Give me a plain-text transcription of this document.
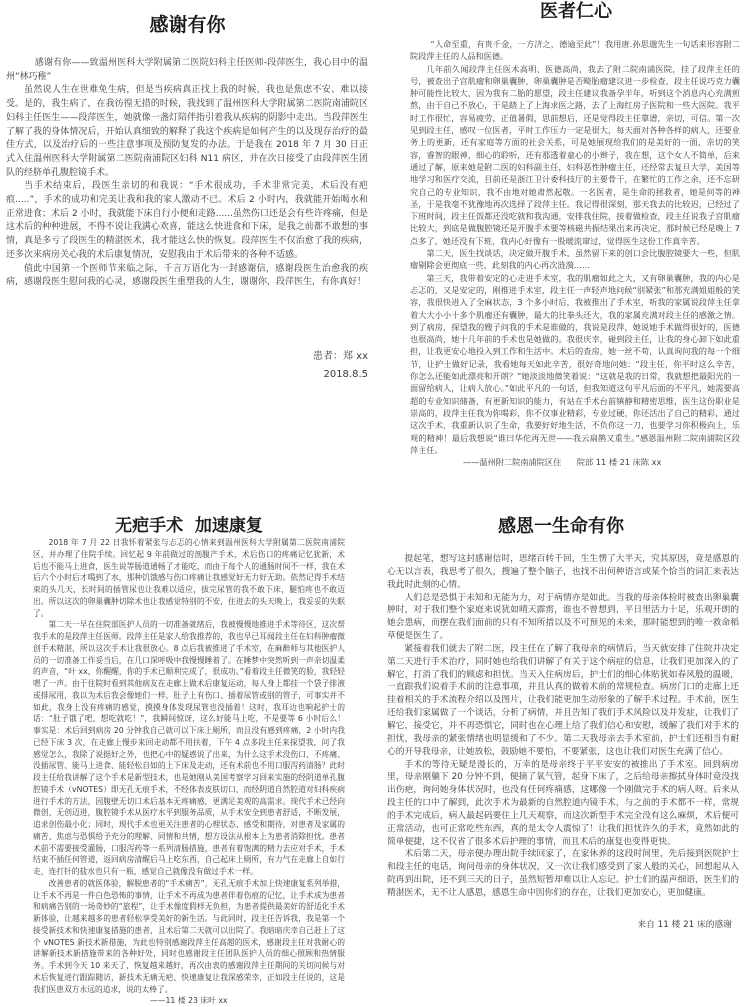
感谢有你

感谢有你——致温州医科大学附属第二医院妇科主任医师-段萍医生，我心目中的温州“林巧稚”

虽然说人生在世难免生病，但是当疾病真正找上我的时候，我也是焦虑不安、难以接受。是的，我生病了，在我彷徨无措的时候，我找到了温州医科大学附属第二医院南浦院区妇科主任医生——段萍医生，她就像一盏灯陪伴指引着我从疾病的阴影中走出。当段萍医生了解了我的身体情况后，开始认真细致的解释了我这个疾病是如何产生的以及现存治疗的最佳方式，以及治疗后的一些注意事项及预防复发的办法。于是我在 2018 年 7 月 30 日正式入住温州医科大学附属第二医院南浦院区妇科 N11 病区，并在次日接受了由段萍医生团队的经脐单孔腹腔镜手术。

当手术结束后，段医生亲切的和我说：“手术很成功，手术非常完美，术后没有疤痕.....”，手术的成功和完美让我和我的家人激动不已。术后 2 小时内，我就能开始喝水和正常进食；术后 2 小时，我就能下床自行小便和走路......虽然伤口还是会有些许疼痛，但是这术后的种种进展，不得不说让我满心欢喜，能这么快进食和下床，是我之前都不敢想的事情，真是多亏了段医生的精湛医术，我才能这么快的恢复。段萍医生不仅治愈了我的疾病，还多次来病房关心我的术后康复情况，安慰我由于术后带来的各种不适感。

值此中国第一个医师节来临之际，千言万语化为一封感谢信，感谢段医生治愈我的疾病，感谢段医生慰问我的心灵，感谢段医生重塑我的人生，谢谢你，段萍医生，有你真好！

患者：郑 xx
2018.8.5
医者仁心

“人命至重，有贵千金，一方济之，德逾至此”！我用唐.孙思邈先生一句话来形容附二院段萍主任的人品和医德。

几年前久闻段萍主任医术高明、医德高尚，我去了附二院南浦医院，挂了段萍主任的号，被查出子宫肌瘤和卵巢囊肿，卵巢囊肿是否畸胎瘤建议进一步检查，段主任说巧克力囊肿可能性比较大，因为我有二胎的愿望，段主任建议我备孕半年，听到这个消息内心充满煎熬，由于自己不放心，于是踏上了上海求医之路，去了上海红房子医院和一些大医院。我平时工作很忙，容易疲劳，正值暑假，思前想后，还是觉得段主任靠谱，亲切，可信。第一次见到段主任，感叹一位医者，平时工作压力一定是很大，每天面对各种各样的病人，还要业务上的更新，还有家庭等方面的社会关系，可是她展现给我们的是美好的一面，亲切的笑容，睿智的眼神，细心的聆听，还有那透着童心的小辫子，我在想，这个女人不简单，后来通过了解，原来她是附二医的妇科副主任，妇科恶性肿瘤主任，还经常去复旦大学，美国等地学习和医疗交流，目前还是浙江卫计委科技厅的主要骨干，在繁忙的工作之余，还不忘研究自己的专业知识，我不由地对她肃然起敬。一名医者，是生命的拯救者，她是何等的神圣，于是我毫不犹豫地再次选择了段萍主任。我记得很深刻，那天我去的比较迟，已经过了下班时间，段主任饭都还没吃就和我沟通，安排我住院，接着做检查，段主任说我子宫肌瘤比较大，到底是做腹腔镜还是开腹手术要等核磁共振结果出来再决定，那时候已经是晚上 7 点多了，她还没有下班，我内心好像有一股暖流窜过，觉得医生这份工作真辛苦。

第二天，医生找谈话，决定做开腹手术，虽然留下来的创口会比腹腔镜要大一些，但肌瘤剔除会更彻底一些，此刻我的内心再次涟漪……

第三天，我带着安定的心走进手术室，我的肌瘤如此之大，又有卵巢囊肿，我的内心是忐忑的，又是安定的，刚推进手术室，段主任一声轻声地问候“别紧张”和那充满姐姐般的笑容，我很快进入了全麻状态，3 个多小时后，我被推出了手术室，听我的家属说段萍主任拿着大大小小十多个肌瘤还有囊肿，最大的比拳头还大，我的家属充满对段主任的感激之情。到了病房，探望我的嫂子问我的手术是谁做的，我说是段萍，她说她手术做得很好的，医德也很高尚，她十几年前的手术也是她做的。我很庆幸，碰到段主任，让我的身心卸下如此重担，让我更安心地投入到工作和生活中。术后的查房，她一丝不苟，认真询问我的每一个细节，让护士做好记录，我看她每天如此辛苦，很好奇地问她：“段主任，你平时这么辛苦，你怎么还能如此漂亮和开朗？”她淡淡地微笑着说：“这就是我的日常，我就想把最阳光的一面留给病人，让病人放心。”如此平凡的一句话，但我知道这句平凡后面的不平凡，她需要高超的专业知识储备，有更新知识的能力，有站在手术台前镇静和精密思维，医生这份职业是崇高的，段萍主任我为你喝彩，你不仅事业精彩，专业过硬，你还活出了自己的精彩，通过这次手术，我重新认识了生命，我要好好地生活，不负你这一刀，也要学习你积极向上，乐观的精神！最后我想说“谁曰华佗再无世——我云扁鹊又重生。”感恩温州附二院南浦院区段萍主任。

——温州附二院南浦院区住      院部 11 楼 21 床陈 xx

无疤手术  加速康复

2018 年 7 月 22 日我怀着紧张与忐忑的心情来到温州医科大学附属第二医院南浦院区，并办理了住院手续。回忆起 9 年前做过的剖腹产手术，术后伤口的疼痛记忆犹新，术后也不能马上进食，医生说等肠道通畅了才能吃，而由于每个人的通肠时间不一样，我在术后六个小时后才喝到了水，那种饥饿感与伤口疼痛让我感觉好无力好无助。依然记得手术结束的头几天，长时间的插管尿也让我难以适应，拔完尿管的我不敢下床，腿怕疼也不敢迈出。所以这次的卵巢囊肿切除术也让我感觉特别的不安，住进去的头天晚上，我妥妥的失眠了。

第二天一早在住院部医护人员的一切准备就绪后，我被慢慢地推进手术等待区，这次帮我手术的是段萍主任医师。段萍主任是家人给我推荐的，我也早已耳闻段主任在妇科肿瘤微创手术精湛，所以这次手术让我很放心。8 点后我被推进了手术室，在麻醉师与其他医护人员的一切准备工作妥当后，在几口深呼吸中我慢慢睡着了。在睡梦中突然听到一声亲切温柔的声音，“叶 xx，你醒醒，你的手术已顺利完成了，很成功。”看着段主任微笑的脸，我轻轻嗯了一声。由于住院时看到其他病友在走廊上做术后康复运动，每人身上都挂一个袋子排液或排尿用，我以为术后我会像她们一样，肚子上有伤口、插着尿管或别的管子，可事实并不如此，我身上没有疼痛的感觉，摸摸身体发现尿管也没插着！这时，我耳边也响起护士的话：“肚子饿了吧，想吃就吃！”，我瞬间惊讶，这么好能马上吃，不是要等 6 小时后么！事实是：术后回到病房 20 分钟我自己就可以下床上厕所，而且没有感到疼痛，2 小时内我已经下床 3 次，在走廊上慢步来回走动都不用扶着，下午 4 点多段主任来探望我，问了我感觉怎么，我除了说挺好之外，也把心中的疑惑说了出来，为什么这手术没伤口、不疼痛、没插尿管、能马上进食、能轻松自如的上下床及走动，还有术前也不用口服泻药清肠？此时段主任给我讲解了这个手术是新型技术，也是她刚从美国考察学习回来实施的经阴道单孔腹腔镜手术（vNOTES）即无孔无痕手术，不经体表皮肤切口，而经阴道自然腔道对妇科疾病进行手术的方法，因腹壁无切口术后基本无疼痛感，更满足美观的高需求。现代手术已经向微创、无创迈进，腹腔镜手术从医疗水平到服务品质，从手术安全到患者舒适，不断发展，追求创伤最小化；同时，现代手术也更关注患者的心理状态、感受和期待，对患者及家属的痛苦、焦虑与恐惧给予充分的理解、同情和共情，想方设法从根本上为患者消除担忧。患者术前不需要接受灌肠，口服泻药等一系列清肠措施，患者有着饱满的精力去应对手术，手术结束不插任何管道，返回病房清醒后马上吃东西，自己起床上厕所，有力气在走廊上自如行走，连打针的盐水也只有一瓶，感觉自己就像没有做过手术一样。

改善患者的就医体验，解脱患者的“手术痛苦”，无孔无痕手术加上快速康复系列举措，让手术不再是一件白色恐怖的事情，让手术不再成为患者伴着伤痕的记忆，让手术成为患者和病痛告别的一场奇妙的“旅程”，让手术像度假样无负担，为患者提供最美好的舒适化手术新体验，让越来越多的患者轻松享受美好的新生活。与此同时，段主任告诉我，我是第一个接受新技术和快速康复措施的患者，且术后第二天就可以出院了。我暗暗庆幸自己赶上了这个 vNOTES 新技术新措施，为此也特别感谢段萍主任高超的医术，感谢段主任对我耐心的讲解新技术新措施带来的各种好处，同时也感谢段主任团队医护人员的细心照顾和热情服务。手术到今天 10 来天了，恢复越来越好，再次由衷的感谢段萍主任期间的关切问候与对术后恢复进行跟踪随访，新技术无痛无疤、快速康复让我深感荣幸，正如段主任说的，这是我们医患双方永远的追求，说的太棒了。

——11 楼 23 床叶 xx

感恩一生命有你

提起笔，想写这封感谢信时，思绪百转千回，生生愣了大半天，究其原因，竟是感恩的心无以言表，我思考了很久，搜遍了整个脑子，也找不出何种语言或某个恰当的词汇来表达我此时此刻的心情。

人们总是恐惧于未知和无能为力，对于病情亦是如此。当我的母亲体检时被查出卵巢囊肿时，对于我们整个家庭来说犹如晴天霹雳，谁也不曾想到，平日里活力十足，乐观开朗的她会患病，而摆在我们面前的只有不知所措以及不可预见的未来，那时能想到的唯一救命稻草便是医生了。

紧接着我们就去了附二医，段主任在了解了我母亲的病情后，当天就安排了住院并决定第二天进行手术治疗，同时她也给我们讲解了有关于这个病症的信息，让我们更加深入的了解它，打消了我们的顾虑和担忧。当天入住病房后，护士们的细心体贴犹如春风般的温暖，一直跟我们说着手术前的注意事项，并且认真的做着术前的常规检查。病房门口的走廊上还挂着相关的手术流程介绍以及图片，让我们能更加生动形象的了解手术过程。手术前，医生还给我们家属做了一个谈话，分析了病情，并且告知了我们手术风险以及并发症，让我们了解它，接受它，并不再恐惧它，同时也在心理上给了我们信心和安慰，缓解了我们对手术的担忧，我母亲的紧张情绪也明显缓和了不少。第二天我母亲去手术室前，护士们还相当有耐心的开导我母亲，让她放松，鼓励她不要怕，不要紧张，这也让我们对医生充满了信心。

手术的等待无疑是漫长的，万幸的是母亲终于平平安安的被推出了手术室。回到病房里，母亲刚躺下 20 分钟不到，便摘了氧气管，起身下床了，之后给母亲擦拭身体时竟没找出伤疤，询问她身体状况时，也没有任何疼痛感，这哪像一个刚做完手术的病人呀。后来从段主任的口中了解到，此次手术为最新的自然腔道内镜手术，与之前的手术都不一样，常规的手术完成后，病人最起码要住上几天观察，而这次新型手术完全没有这么麻烦，术后便可正常活动，也可正常吃些东西，真的是太令人震惊了！让我们担忧许久的手术，竟然如此的简单便捷，这不仅省了很多术后护理的事情，而且术后的康复也变得更快。

术后第二天，母亲便办理出院手续回家了，在家休养的这段时间里，先后接到医院护士和段主任的电话，询问母亲的身体状况，又一次让我们感受到了家人般的关心，回想起从入院再到出院，还不到三天的日子，虽然短暂却难以让人忘记。护士们的温声细语，医生们的精湛医术，无不让人感恩，感恩生命中因你们的存在，让我们更加安心，更加健康。

来自 11 楼 21 床的感谢
